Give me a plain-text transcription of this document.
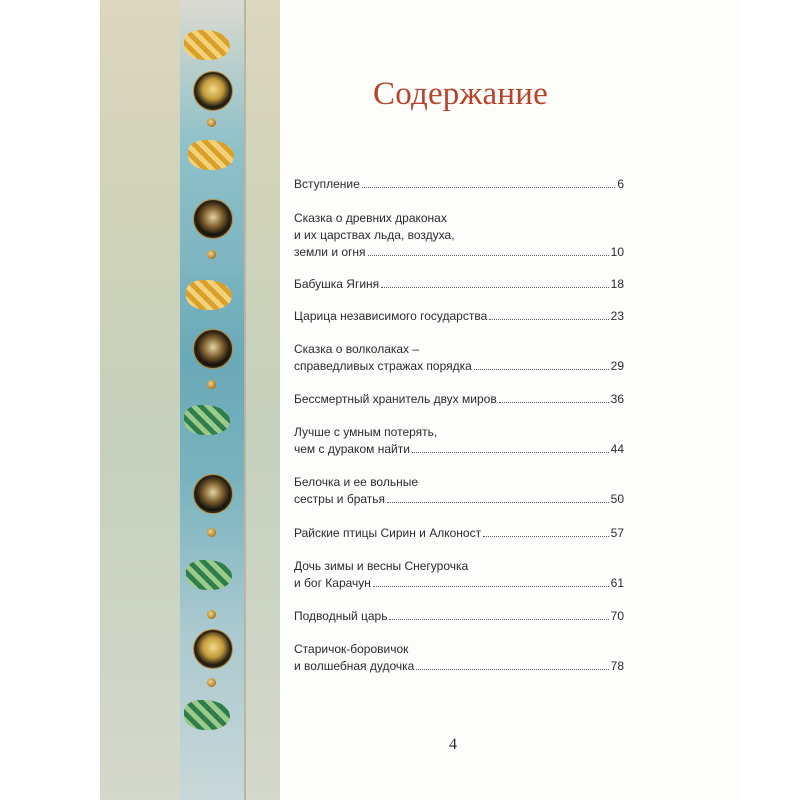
Содержание
Вступление	6
Сказка о древних драконах
и их царствах льда, воздуха,
земли и огня	10
Бабушка Ягиня	18
Царица независимого государства	23
Сказка о волколаках –
справедливых стражах порядка	29
Бессмертный хранитель двух миров	36
Лучше с умным потерять,
чем с дураком найти	44
Белочка и ее вольные
сестры и братья	50
Райские птицы Сирин и Алконост	57
Дочь зимы и весны Снегурочка
и бог Карачун	61
Подводный царь	70
Старичок-боровичок
и волшебная дудочка	78
4
